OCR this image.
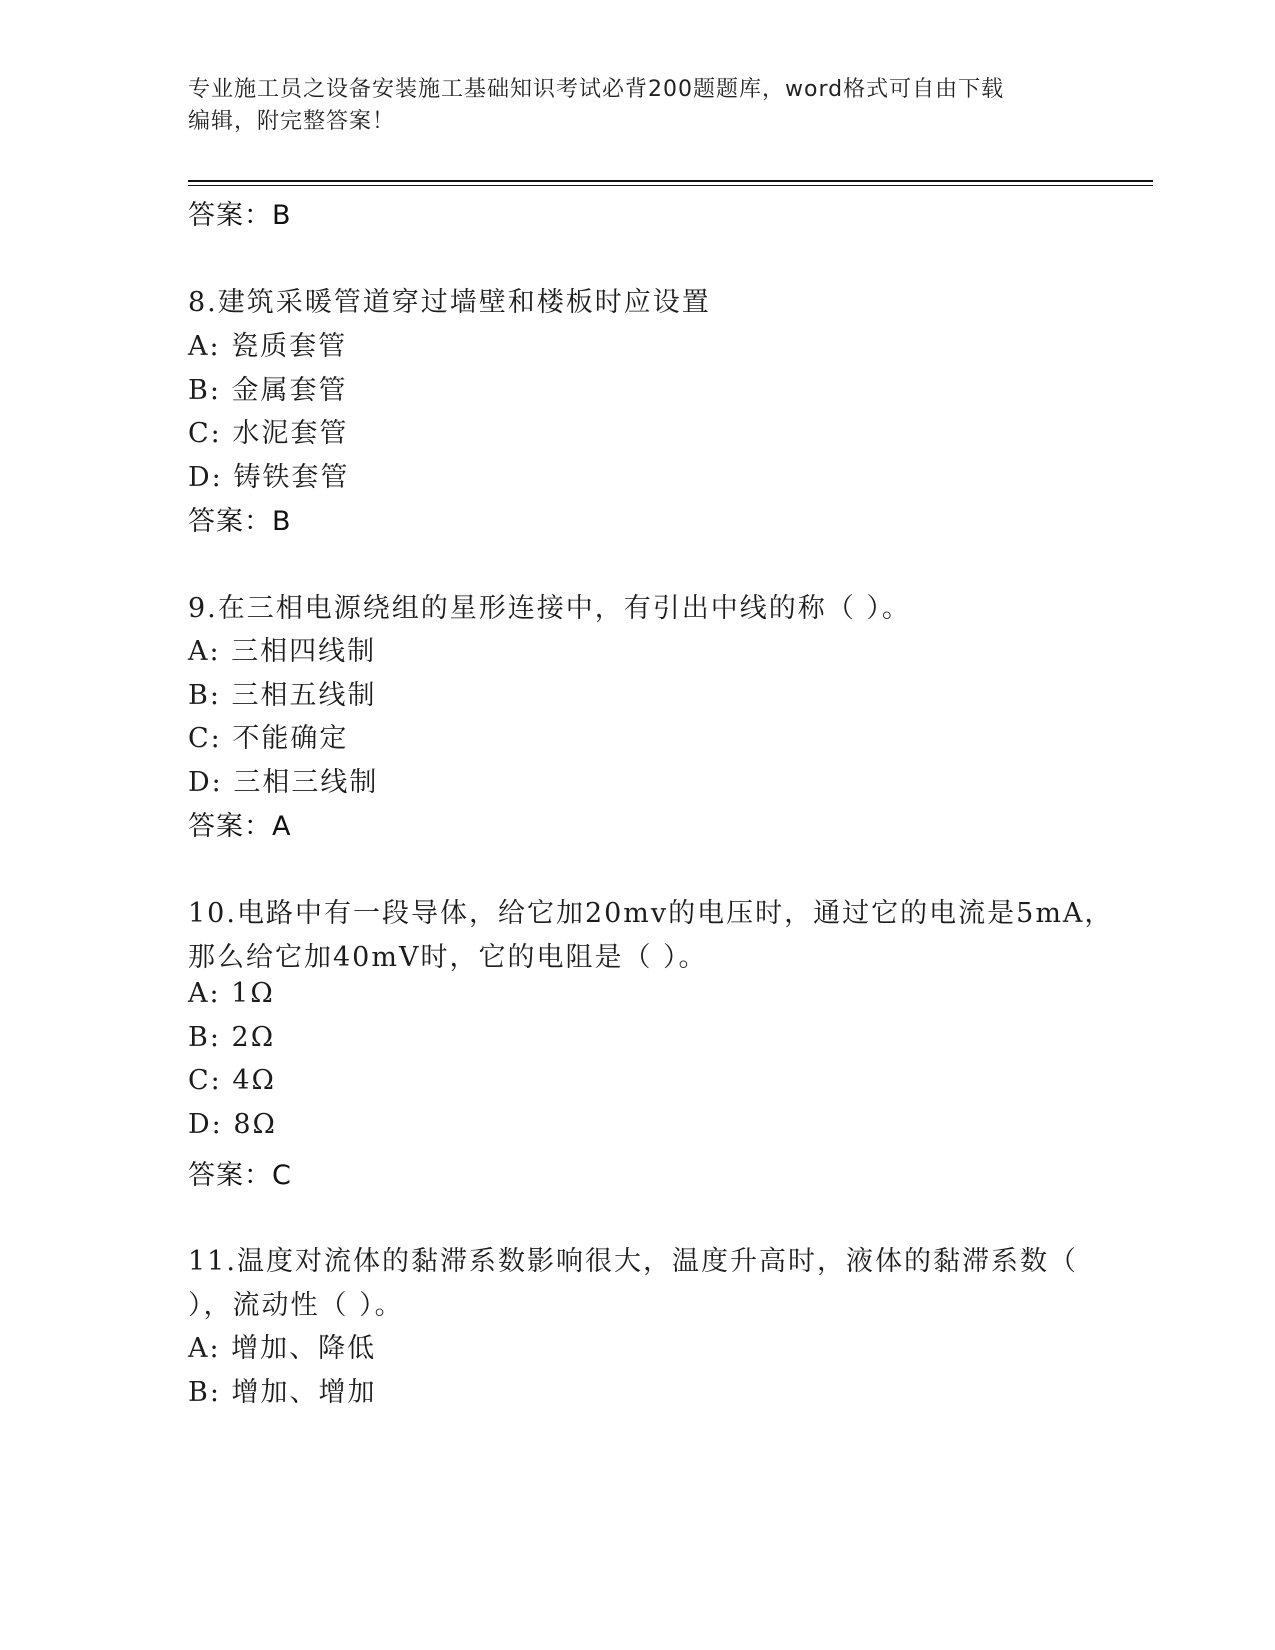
专业施工员之设备安装施工基础知识考试必背200题题库，word格式可自由下载
编辑，附完整答案！
答案：B
8.建筑采暖管道穿过墙壁和楼板时应设置
A: 瓷质套管
B: 金属套管
C: 水泥套管
D: 铸铁套管
答案：B
9.在三相电源绕组的星形连接中，有引出中线的称（ ）。
A: 三相四线制
B: 三相五线制
C: 不能确定
D: 三相三线制
答案：A
10.电路中有一段导体，给它加20mv的电压时，通过它的电流是5mA，
那么给它加40mV时，它的电阻是（ ）。
A: 1Ω
B: 2Ω
C: 4Ω
D: 8Ω
答案：C
11.温度对流体的黏滞系数影响很大，温度升高时，液体的黏滞系数（
），流动性（ ）。
A: 增加、降低
B: 增加、增加
